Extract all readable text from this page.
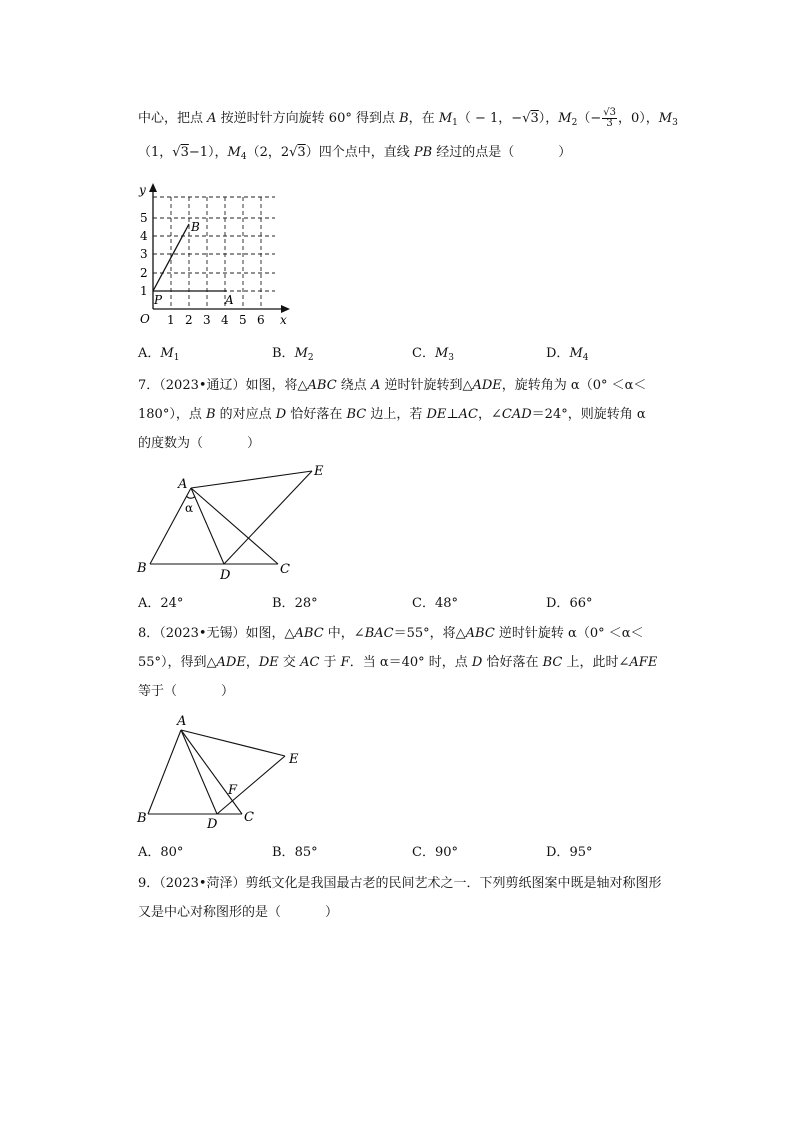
中心，把点 A 按逆时针方向旋转 60° 得到点 B，在 $M_1( - 1$，−√3），$M_2(- \frac{√3}{3}$ ，0），$M_3$
（1，√3−1），$M_4(2$，2√3）四个点中，直线 PB 经过的点是（	）
y
x
O
P	A
B
1
2
3
4
5
1 2 3 4 5 6
A．$M_1$	B．$M_2$	C．$M_3$	D．$M_4$
7．（2023•通辽）如图，将△ABC 绕点 A 逆时针旋转到△ADE，旋转角为 α（0° ＜α＜
180°），点 B 的对应点 D 恰好落在 BC 边上，若 DE⊥AC，∠CAD＝24°，则旋转角 α
的度数为（	）
A
B	C
D
E
α
A．24°	B．28°	C．48°	D．66°
8．（2023•无锡）如图，△ABC 中，∠BAC＝55°，将△ABC 逆时针旋转 α（0° ＜α＜
55°），得到△ADE，DE 交 AC 于 F．当 α＝40° 时，点 D 恰好落在 BC 上，此时∠AFE
等于（	）
A
B	C
D
E
F
A．80°	B．85°	C．90°	D．95°
9．（2023•菏泽）剪纸文化是我国最古老的民间艺术之一．下列剪纸图案中既是轴对称图形
又是中心对称图形的是（	）
